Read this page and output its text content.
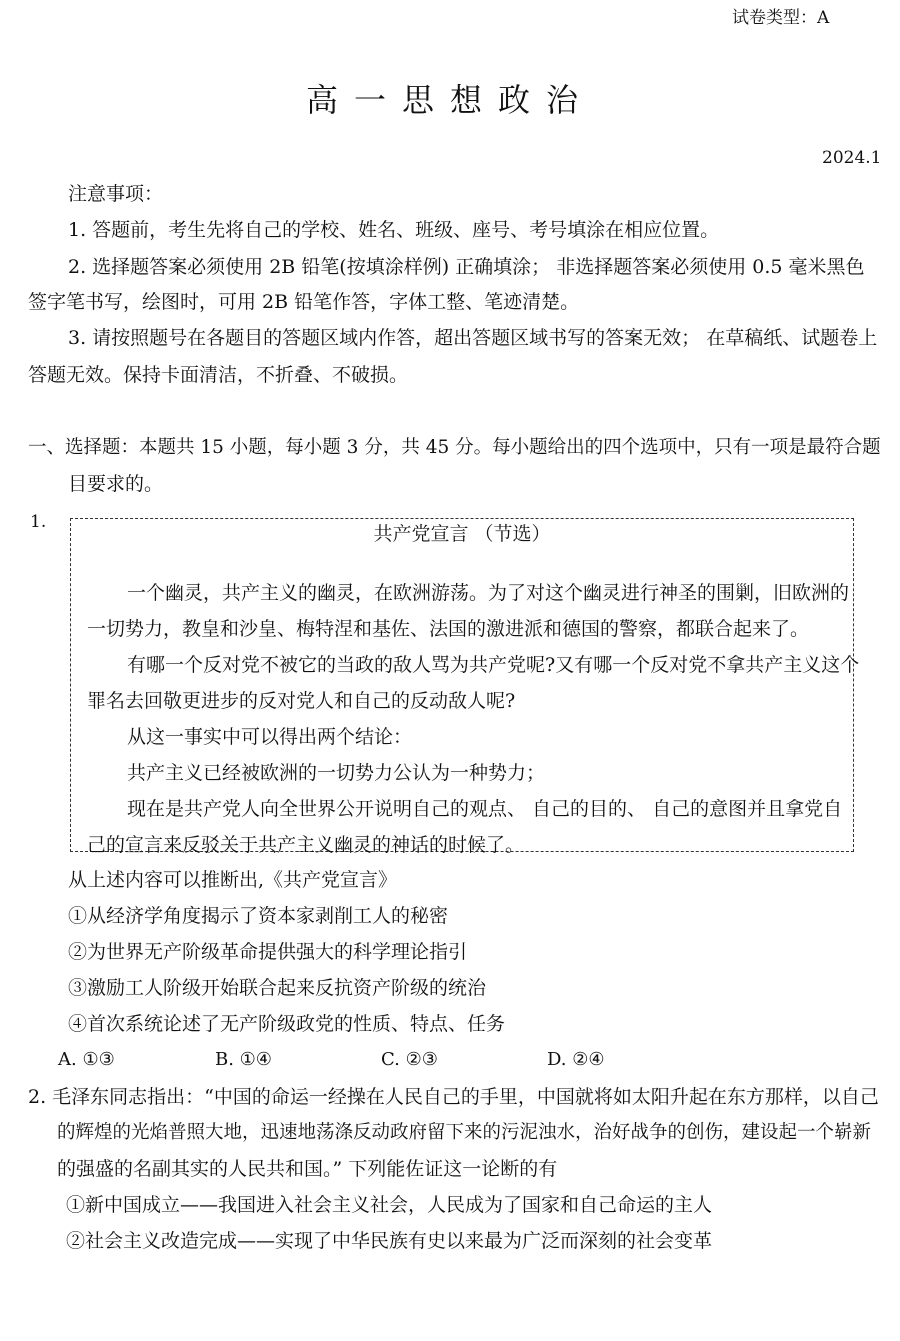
试卷类型：A
高一思想政治
2024.1
注意事项：
1. 答题前，考生先将自己的学校、姓名、班级、座号、考号填涂在相应位置。
2. 选择题答案必须使用 2B 铅笔(按填涂样例) 正确填涂； 非选择题答案必须使用 0.5 毫米黑色
签字笔书写，绘图时，可用 2B 铅笔作答，字体工整、笔迹清楚。
3. 请按照题号在各题目的答题区域内作答，超出答题区域书写的答案无效； 在草稿纸、试题卷上
答题无效。保持卡面清洁，不折叠、不破损。
一、选择题：本题共 15 小题，每小题 3 分，共 45 分。每小题给出的四个选项中，只有一项是最符合题
目要求的。
1.
共产党宣言 （节选）
一个幽灵，共产主义的幽灵，在欧洲游荡。为了对这个幽灵进行神圣的围剿，旧欧洲的
一切势力，教皇和沙皇、梅特涅和基佐、法国的激进派和德国的警察，都联合起来了。
有哪一个反对党不被它的当政的敌人骂为共产党呢?又有哪一个反对党不拿共产主义这个
罪名去回敬更进步的反对党人和自己的反动敌人呢?
从这一事实中可以得出两个结论：
共产主义已经被欧洲的一切势力公认为一种势力；
现在是共产党人向全世界公开说明自己的观点、 自己的目的、 自己的意图并且拿党自
己的宣言来反驳关于共产主义幽灵的神话的时候了。
从上述内容可以推断出,《共产党宣言》
①从经济学角度揭示了资本家剥削工人的秘密
②为世界无产阶级革命提供强大的科学理论指引
③激励工人阶级开始联合起来反抗资产阶级的统治
④首次系统论述了无产阶级政党的性质、特点、任务
A. ①③	B. ①④	C. ②③	D. ②④
2. 毛泽东同志指出：“中国的命运一经操在人民自己的手里，中国就将如太阳升起在东方那样，以自己
的辉煌的光焰普照大地，迅速地荡涤反动政府留下来的污泥浊水，治好战争的创伤，建设起一个崭新
的强盛的名副其实的人民共和国。” 下列能佐证这一论断的有
①新中国成立——我国进入社会主义社会，人民成为了国家和自己命运的主人
②社会主义改造完成——实现了中华民族有史以来最为广泛而深刻的社会变革
